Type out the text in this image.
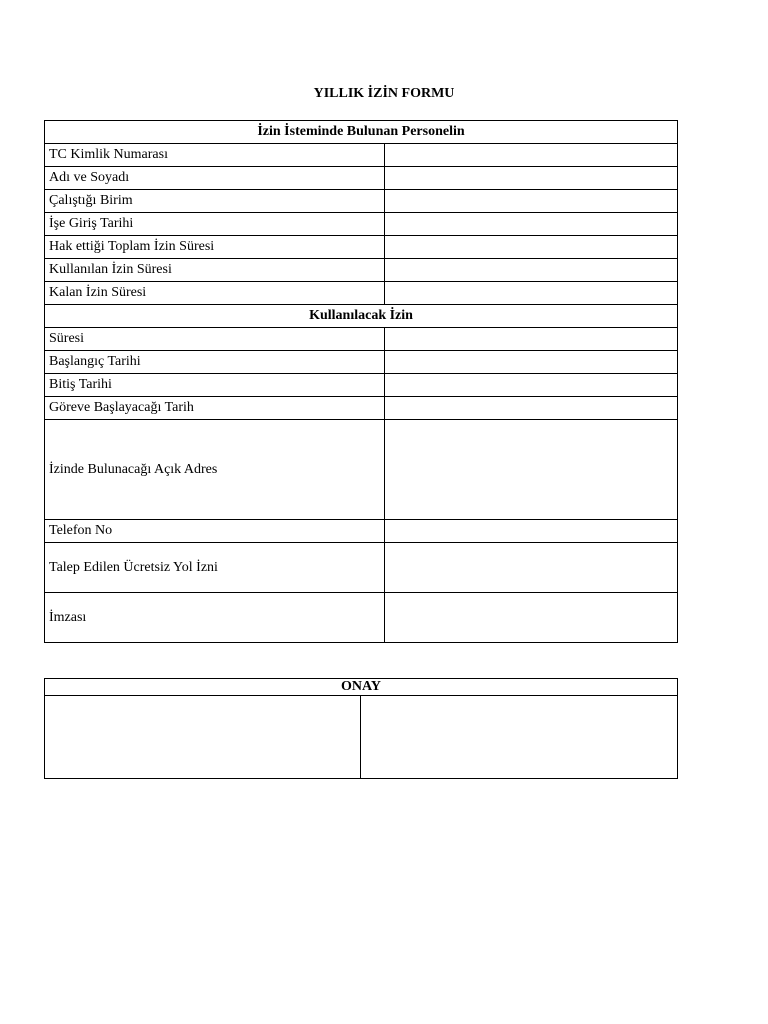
YILLIK İZİN FORMU
İzin İsteminde Bulunan Personelin	
TC Kimlik Numarası	
Adı ve Soyadı	
Çalıştığı Birim	
İşe Giriş Tarihi	
Hak ettiği Toplam İzin Süresi	
Kullanılan İzin Süresi	
Kalan İzin Süresi	
Kullanılacak İzin	
Süresi	
Başlangıç Tarihi	
Bitiş Tarihi	
Göreve Başlayacağı Tarih	
İzinde Bulunacağı Açık Adres	
Telefon No	
Talep Edilen Ücretsiz Yol İzni	
İmzası	
ONAY
